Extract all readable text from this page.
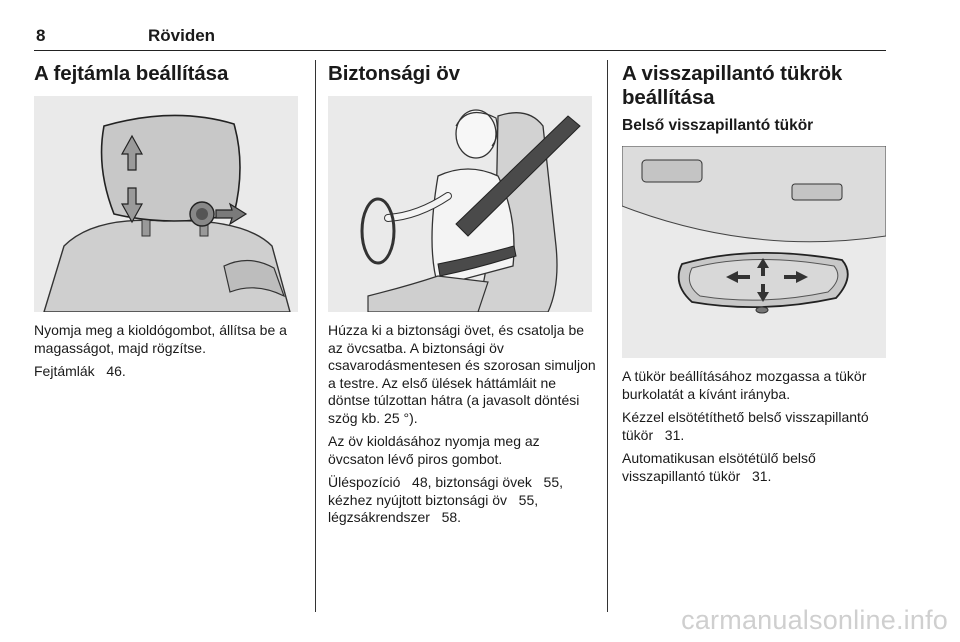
8	Röviden
A fejtámla beállítása

Nyomja meg a kioldógombot, állítsa be a magasságot, majd rögzítse.

Fejtámlák   46.

Biztonsági öv

Húzza ki a biztonsági övet, és csatolja be az övcsatba. A biztonsági öv csavarodásmentesen és szorosan simuljon a testre. Az első ülések háttámláit ne döntse túlzottan hátra (a javasolt döntési szög kb. 25 °).

Az öv kioldásához nyomja meg az övcsaton lévő piros gombot.

Üléspozíció   48, biztonsági övek   55, kézhez nyújtott biztonsági öv   55, légzsákrendszer   58.

A visszapillantó tükrök beállítása
Belső visszapillantó tükör

A tükör beállításához mozgassa a tükör burkolatát a kívánt irányba.

Kézzel elsötétíthető belső visszapillantó tükör   31.

Automatikusan elsötétülő belső visszapillantó tükör   31.

carmanualsonline.info
